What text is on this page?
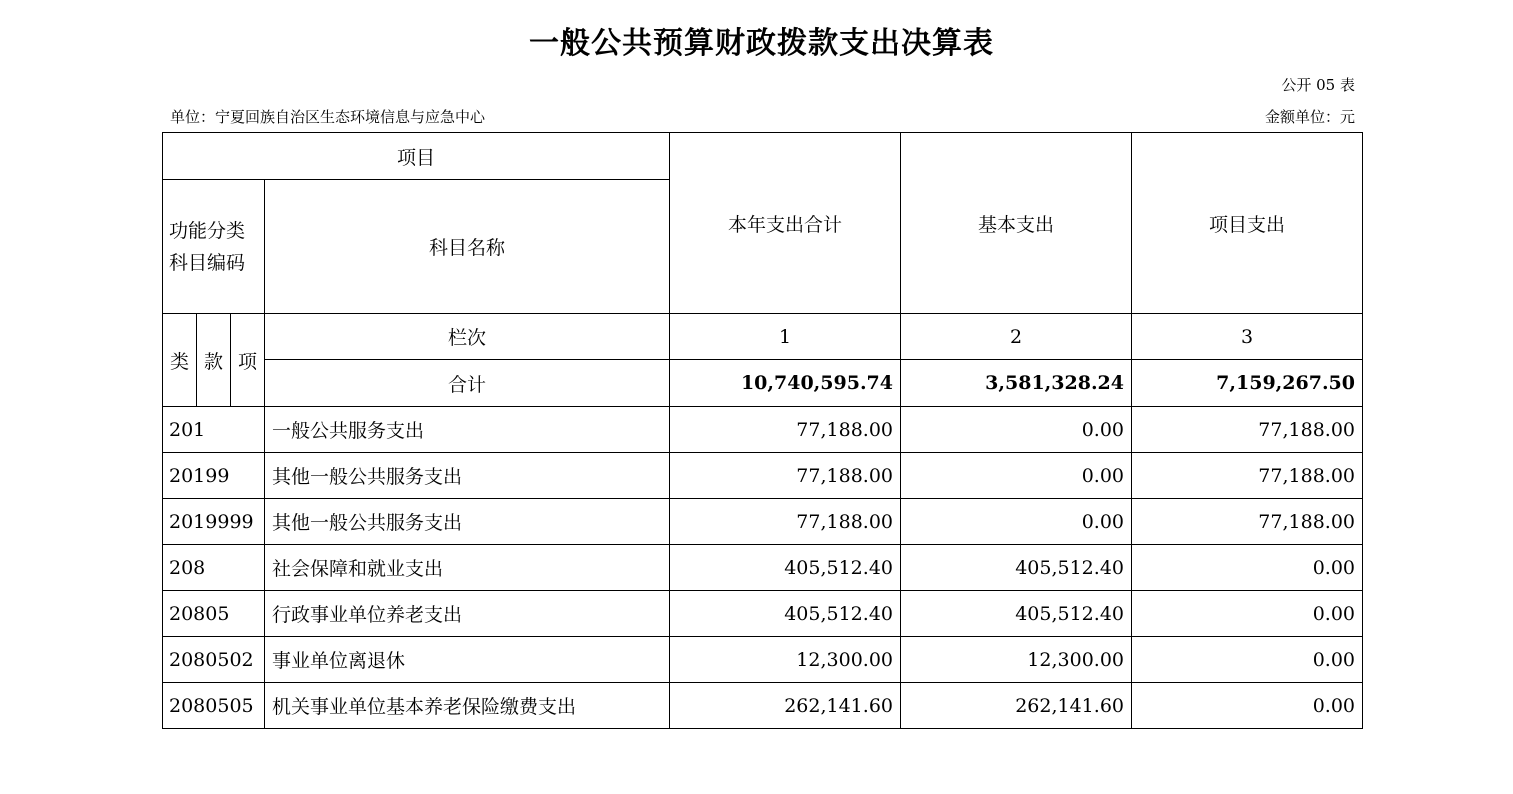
一般公共预算财政拨款支出决算表
公开 05 表
单位：宁夏回族自治区生态环境信息与应急中心	金额单位：元
项目				本年支出合计	基本支出	项目支出

功能分类
科目编码			科目名称			
类	款	项	栏次	1	2	3
			合计	10,740,595.74	3,581,328.24	7,159,267.50
201			一般公共服务支出	77,188.00	0.00	77,188.00
20199			其他一般公共服务支出	77,188.00	0.00	77,188.00
2019999			其他一般公共服务支出	77,188.00	0.00	77,188.00
208			社会保障和就业支出	405,512.40	405,512.40	0.00
20805			行政事业单位养老支出	405,512.40	405,512.40	0.00
2080502			事业单位离退休	12,300.00	12,300.00	0.00
2080505			机关事业单位基本养老保险缴费支出	262,141.60	262,141.60	0.00
